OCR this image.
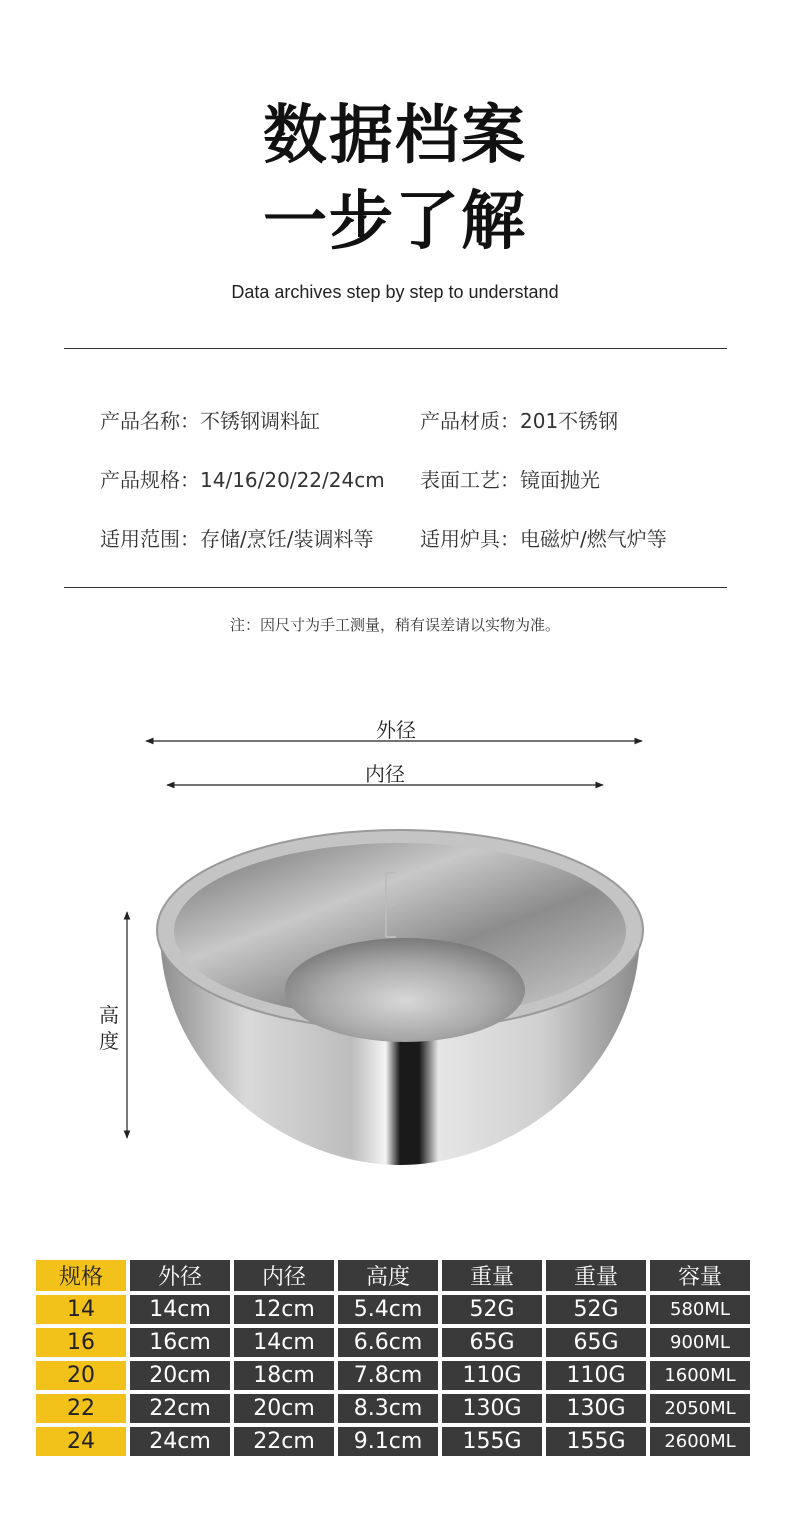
数据档案
一步了解
Data archives step by step to understand
产品名称：不锈钢调料缸	产品材质：201不锈钢
产品规格：14/16/20/22/24cm	表面工艺：镜面抛光
适用范围：存储/烹饪/装调料等	适用炉具：电磁炉/燃气炉等
注：因尺寸为手工测量，稍有误差请以实物为准。
外径
内径
高度
规格	外径	内径	高度	重量	重量	容量
14	14cm	12cm	5.4cm	52G	52G	580ML
16	16cm	14cm	6.6cm	65G	65G	900ML
20	20cm	18cm	7.8cm	110G	110G	1600ML
22	22cm	20cm	8.3cm	130G	130G	2050ML
24	24cm	22cm	9.1cm	155G	155G	2600ML
